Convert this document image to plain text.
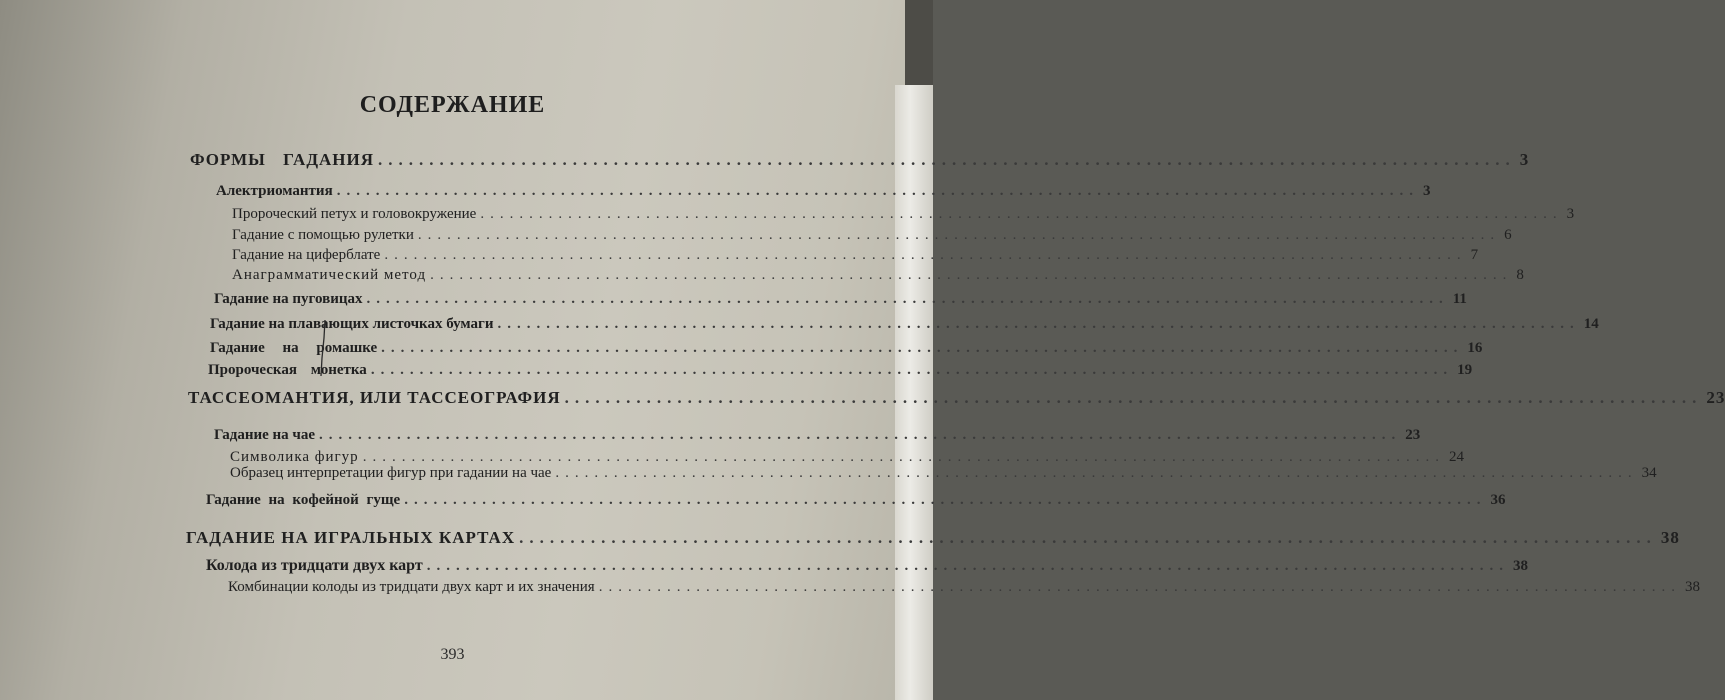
СОДЕРЖАНИЕ
ФОРМЫ ГАДАНИЯ ............................................................................................................... 3
Алектриомантия ............................................................................................................... 3
Пророческий петух и головокружение ............................................................................................................... 3
Гадание с помощью рулетки ............................................................................................................... 6
Гадание на циферблате ............................................................................................................... 7
Анаграмматический метод ............................................................................................................... 8
Гадание на пуговицах ............................................................................................................... 11
Гадание на плавающих листочках бумаги ............................................................................................................... 14
Гадание на ромашке ............................................................................................................... 16
Пророческая монетка ............................................................................................................... 19
ТАССЕОМАНТИЯ, ИЛИ ТАССЕОГРАФИЯ ............................................................................................................... 23
Гадание на чае ............................................................................................................... 23
Символика фигур ............................................................................................................... 24
Образец интерпретации фигур при гадании на чае ............................................................................................................... 34
Гадание на кофейной гуще ............................................................................................................... 36
ГАДАНИЕ НА ИГРАЛЬНЫХ КАРТАХ ............................................................................................................... 38
Колода из тридцати двух карт ............................................................................................................... 38
Комбинации колоды из тридцати двух карт и их значения ............................................................................................................... 38
393
